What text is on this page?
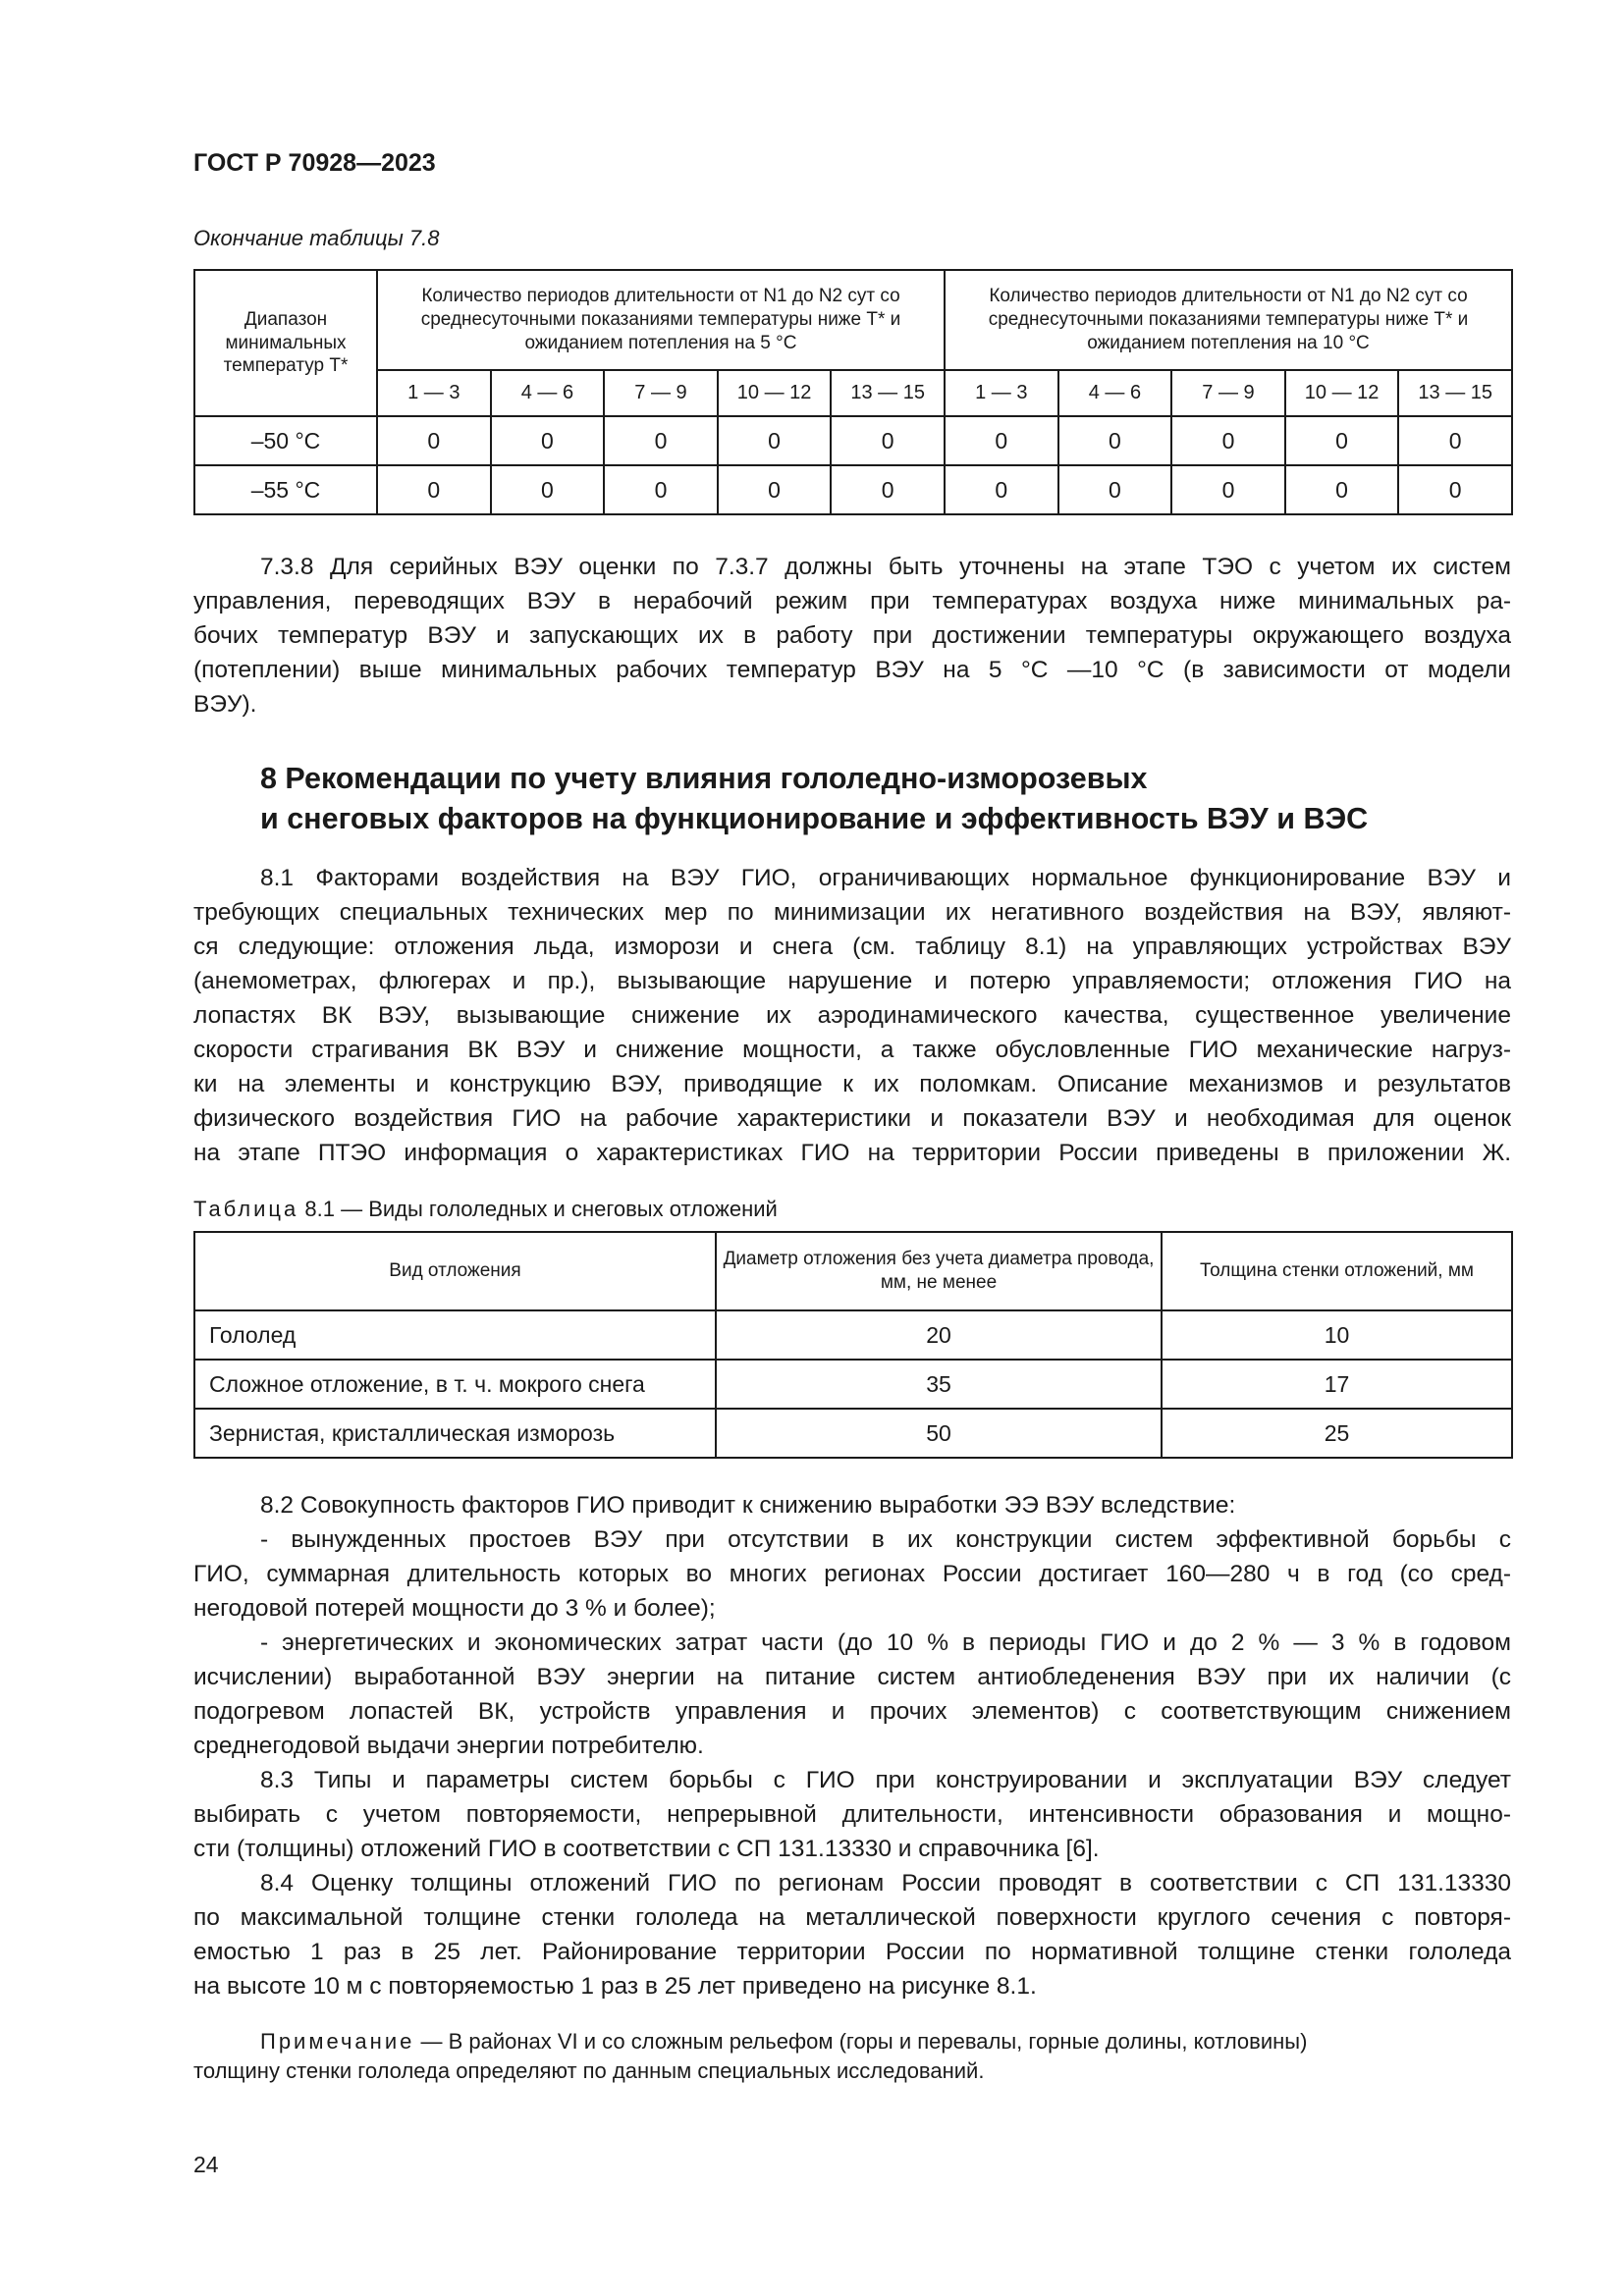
ГОСТ Р 70928—2023
Окончание таблицы 7.8
Диапазон минимальных температур T*	Количество периодов длительности от N1 до N2 сут со среднесуточными показаниями температуры ниже T* и ожиданием потепления на 5 °С					Количество периодов длительности от N1 до N2 сут со среднесуточными показаниями температуры ниже T* и ожиданием потепления на 10 °С				
	1 — 3	4 — 6	7 — 9	10 — 12	13 — 15	1 — 3	4 — 6	7 — 9	10 — 12	13 — 15
–50 °С	0	0	0	0	0	0	0	0	0	0
–55 °С	0	0	0	0	0	0	0	0	0	0
7.3.8 Для серийных ВЭУ оценки по 7.3.7 должны быть уточнены на этапе ТЭО с учетом их систем
управления, переводящих ВЭУ в нерабочий режим при температурах воздуха ниже минимальных ра-
бочих температур ВЭУ и запускающих их в работу при достижении температуры окружающего воздуха
(потеплении) выше минимальных рабочих температур ВЭУ на 5 °С —10 °С (в зависимости от модели
ВЭУ).
8 Рекомендации по учету влияния гололедно-изморозевых
и снеговых факторов на функционирование и эффективность ВЭУ и ВЭС
8.1 Факторами воздействия на ВЭУ ГИО, ограничивающих нормальное функционирование ВЭУ и
требующих специальных технических мер по минимизации их негативного воздействия на ВЭУ, являют-
ся следующие: отложения льда, изморози и снега (см. таблицу 8.1) на управляющих устройствах ВЭУ
(анемометрах, флюгерах и пр.), вызывающие нарушение и потерю управляемости; отложения ГИО на
лопастях ВК ВЭУ, вызывающие снижение их аэродинамического качества, существенное увеличение
скорости страгивания ВК ВЭУ и снижение мощности, а также обусловленные ГИО механические нагруз-
ки на элементы и конструкцию ВЭУ, приводящие к их поломкам. Описание механизмов и результатов
физического воздействия ГИО на рабочие характеристики и показатели ВЭУ и необходимая для оценок
на этапе ПТЭО информация о характеристиках ГИО на территории России приведены в приложении Ж.
Таблица 8.1 — Виды гололедных и снеговых отложений
Вид отложения	Диаметр отложения без учета диаметра провода, мм, не менее	Толщина стенки отложений, мм
Гололед	20	10
Сложное отложение, в т. ч. мокрого снега	35	17
Зернистая, кристаллическая изморозь	50	25
8.2 Совокупность факторов ГИО приводит к снижению выработки ЭЭ ВЭУ вследствие:
- вынужденных простоев ВЭУ при отсутствии в их конструкции систем эффективной борьбы с
ГИО, суммарная длительность которых во многих регионах России достигает 160—280 ч в год (со сред-
негодовой потерей мощности до 3 % и более);
- энергетических и экономических затрат части (до 10 % в периоды ГИО и до 2 % — 3 % в годовом
исчислении) выработанной ВЭУ энергии на питание систем антиобледенения ВЭУ при их наличии (с
подогревом лопастей ВК, устройств управления и прочих элементов) с соответствующим снижением
среднегодовой выдачи энергии потребителю.
8.3 Типы и параметры систем борьбы с ГИО при конструировании и эксплуатации ВЭУ следует
выбирать с учетом повторяемости, непрерывной длительности, интенсивности образования и мощно-
сти (толщины) отложений ГИО в соответствии с СП 131.13330 и справочника [6].
8.4 Оценку толщины отложений ГИО по регионам России проводят в соответствии с СП 131.13330
по максимальной толщине стенки гололеда на металлической поверхности круглого сечения с повторя-
емостью 1 раз в 25 лет. Районирование территории России по нормативной толщине стенки гололеда
на высоте 10 м с повторяемостью 1 раз в 25 лет приведено на рисунке 8.1.
Примечание — В районах VI и со сложным рельефом (горы и перевалы, горные долины, котловины)
толщину стенки гололеда определяют по данным специальных исследований.
24
